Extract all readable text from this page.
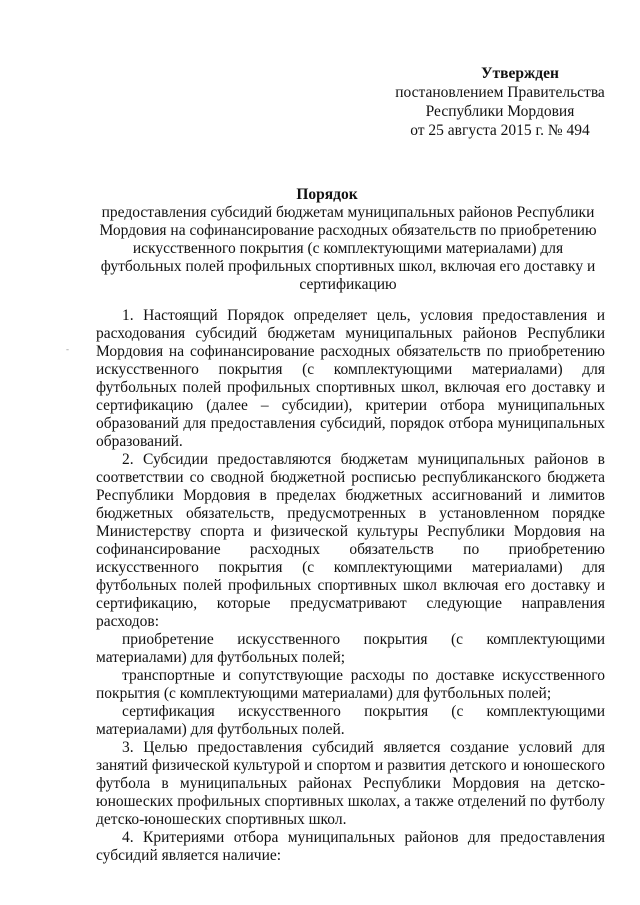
Утвержден
постановлением Правительства
Республики Мордовия
от 25 августа 2015 г. № 494
Порядок
предоставления субсидий бюджетам муниципальных районов Республики Мордовия на софинансирование расходных обязательств по приобретению искусственного покрытия (с комплектующими материалами) для футбольных полей профильных спортивных школ, включая его доставку и сертификацию
-

1. Настоящий Порядок определяет цель, условия предоставления и расходования субсидий бюджетам муниципальных районов Республики Мордовия на софинансирование расходных обязательств по приобретению искусственного покрытия (с комплектующими материалами) для футбольных полей профильных спортивных школ, включая его доставку и сертификацию (далее – субсидии), критерии отбора муниципальных образований для предоставления субсидий, порядок отбора муниципальных образований.

2. Субсидии предоставляются бюджетам муниципальных районов в соответствии со сводной бюджетной росписью республиканского бюджета Республики Мордовия в пределах бюджетных ассигнований и лимитов бюджетных обязательств, предусмотренных в установленном порядке Министерству спорта и физической культуры Республики Мордовия на софинансирование расходных обязательств по приобретению искусственного покрытия (с комплектующими материалами) для футбольных полей профильных спортивных школ включая его доставку и сертификацию, которые предусматривают следующие направления расходов:

приобретение искусственного покрытия (с комплектующими материалами) для футбольных полей;

транспортные и сопутствующие расходы по доставке искусственного покрытия (с комплектующими материалами) для футбольных полей;

сертификация искусственного покрытия (с комплектующими материалами) для футбольных полей.

3. Целью предоставления субсидий является создание условий для занятий физической культурой и спортом и развития детского и юношеского футбола в муниципальных районах Республики Мордовия на детско-юношеских профильных спортивных школах, а также отделений по футболу детско-юношеских спортивных школ.

4. Критериями отбора муниципальных районов для предоставления субсидий является наличие:
